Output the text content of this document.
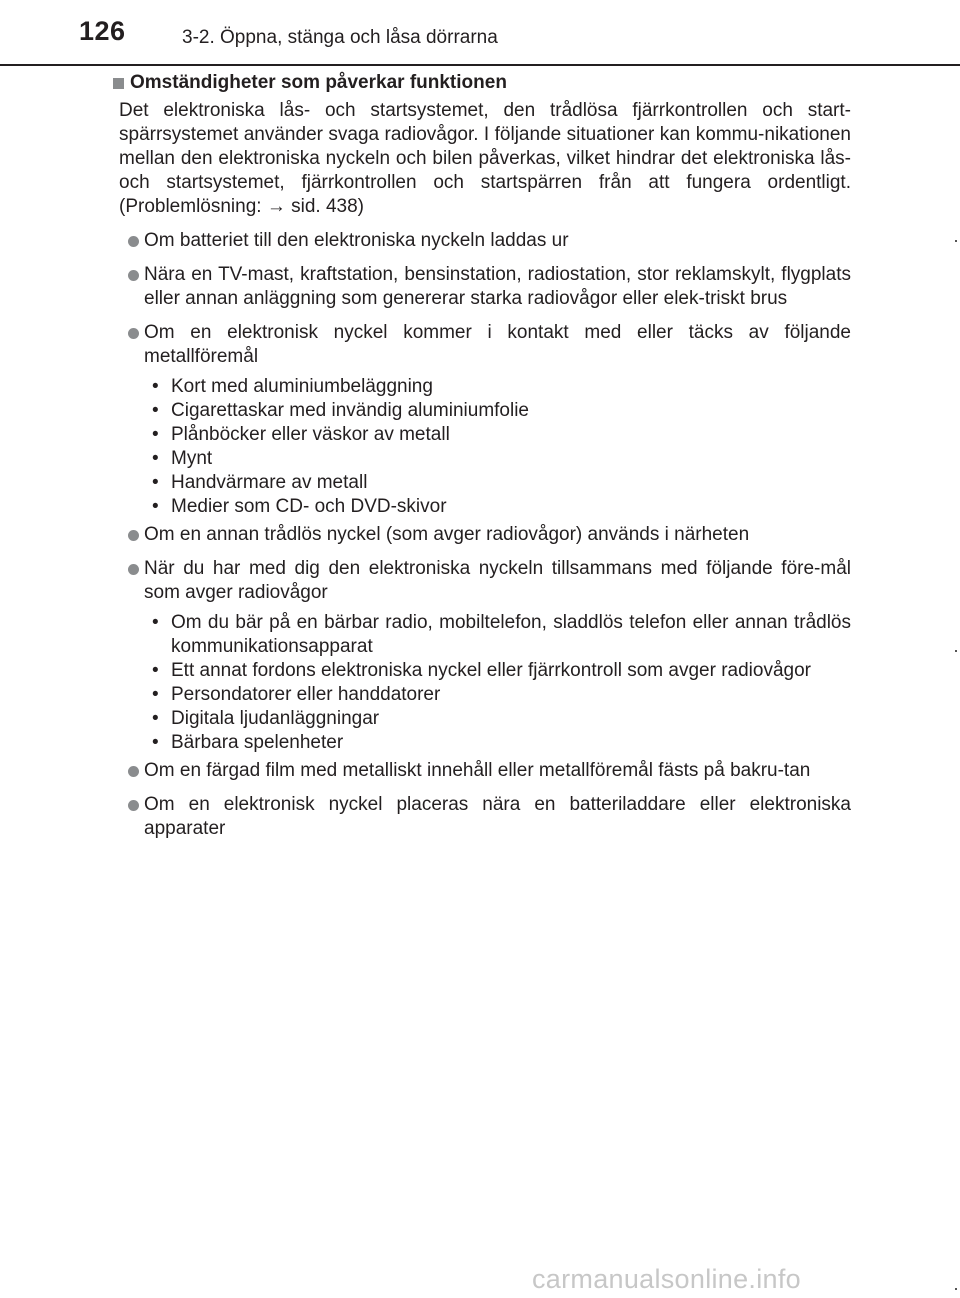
126	3-2. Öppna, stänga och låsa dörrarna
Omständigheter som påverkar funktionen
Det elektroniska lås- och startsystemet, den trådlösa fjärrkontrollen och start-spärrsystemet använder svaga radiovågor. I följande situationer kan kommu-nikationen mellan den elektroniska nyckeln och bilen påverkas, vilket hindrar det elektroniska lås- och startsystemet, fjärrkontrollen och startspärren från att fungera ordentligt. (Problemlösning: → sid. 438)
Om batteriet till den elektroniska nyckeln laddas ur
Nära en TV-mast, kraftstation, bensinstation, radiostation, stor reklamskylt, flygplats eller annan anläggning som genererar starka radiovågor eller elek-triskt brus
Om en elektronisk nyckel kommer i kontakt med eller täcks av följande metallföremål
• Kort med aluminiumbeläggning
• Cigarettaskar med invändig aluminiumfolie
• Plånböcker eller väskor av metall
• Mynt
• Handvärmare av metall
• Medier som CD- och DVD-skivor
Om en annan trådlös nyckel (som avger radiovågor) används i närheten
När du har med dig den elektroniska nyckeln tillsammans med följande före-mål som avger radiovågor
• Om du bär på en bärbar radio, mobiltelefon, sladdlös telefon eller annan trådlös kommunikationsapparat
• Ett annat fordons elektroniska nyckel eller fjärrkontroll som avger radiovågor
• Persondatorer eller handdatorer
• Digitala ljudanläggningar
• Bärbara spelenheter
Om en färgad film med metalliskt innehåll eller metallföremål fästs på bakru-tan
Om en elektronisk nyckel placeras nära en batteriladdare eller elektroniska apparater
carmanualsonline.info
